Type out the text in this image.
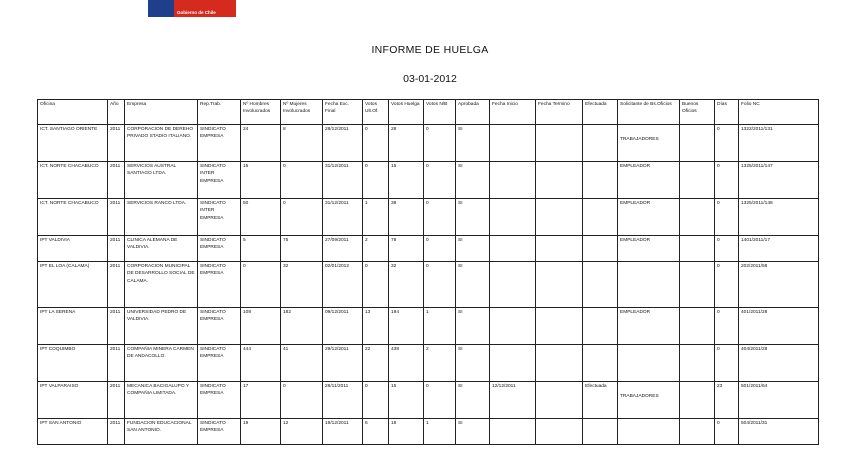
Gobierno de Chile
INFORME DE HUELGA
03-01-2012
Oficina	Año	Empresa	Rep.Trab.	Nº Hombres Involucrados	Nº Mujeres Involucrados	Fecha Exc. Final	Votos Ult.Of.	Votos Huelga	Votos N/B	Aprobada	Fecha Inicio	Fecha Termino	Efectuada	Solicitante de Bs.Oficios	Buenos Oficios	Días	Folio NC
ICT. SANTIAGO ORIENTE	2011	CORPORACION DE DEREHO PRIVADO STADIO ITALIANO.	SINDICATO EMPRESA	24	8	28/12/2011	0	28	0	SI				TRABAJADORES		0	1322/2011/131
ICT. NORTE CHACABUCO	2011	SERVICIOS AUSTRAL SANTIAGO LTDA.	SINDICATO INTER EMPRESA	15	0	31/12/2011	0	15	0	SI				EMPLEADOR		0	1325/2011/147
ICT. NORTE CHACABUCO	2011	SERVICIOS RANCO LTDA.	SINDICATO INTER EMPRESA	50	0	31/12/2011	1	38	0	SI				EMPLEADOR		0	1325/2011/148
IPT VALDIVIA	2011	CLINICA ALEMANA DE VALDIVIA.	SINDICATO EMPRESA	5	75	27/09/2011	2	78	0	SI				EMPLEADOR		0	1401/2011/17
IPT EL LOA (CALAMA)	2011	CORPORACION MUNICIPAL DE DESARROLLO SOCIAL DE CALAMA.	SINDICATO EMPRESA	0	32	02/01/2012	0	32	0	SI						0	202/2011/58
IPT LA SERENA	2011	UNIVERSIDAD PEDRO DE VALDIVIA.	SINDICATO EMPRESA	108	182	09/12/2011	13	194	1	SI				EMPLEADOR		0	401/2011/28
IPT COQUIMBO	2011	COMPAÑIA MINERA CARMEN DE ANDACOLLO.	SINDICATO EMPRESA	444	41	29/12/2011	22	438	2	SI						0	404/2011/28
IPT VALPARAISO	2011	MECANICA BACIGALUPO Y COMPAÑIA LIMITADA.	SINDICATO EMPRESA	17	0	28/11/2011	0	15	0	SI	12/12/2011		Efectuada	TRABAJADORES		23	501/2011/64
IPT SAN ANTONIO	2011	FUNDACION EDUCACIONAL SAN ANTONIO.	SINDICATO EMPRESA	19	12	19/12/2011	6	18	1	SI						0	504/2011/31
